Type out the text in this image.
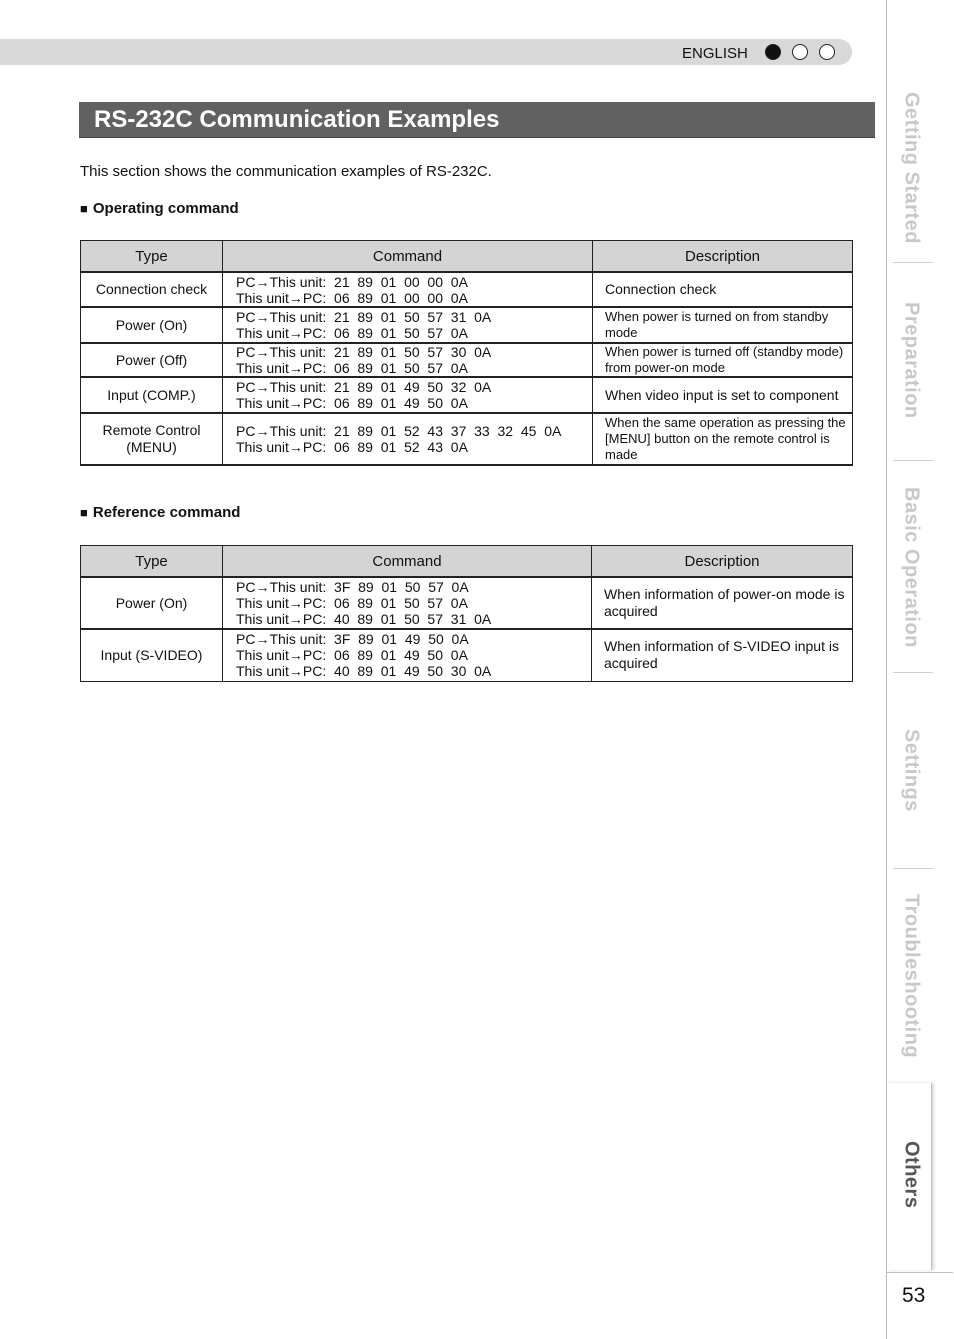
ENGLISH
RS-232C Communication Examples
This section shows the communication examples of RS-232C.
■ Operating command
Type	Command	Description

Connection check	PC→This unit:  21  89  01  00  00  0A
This unit→PC:  06  89  01  00  00  0A	Connection check

Power (On)	PC→This unit:  21  89  01  50  57  31  0A
This unit→PC:  06  89  01  50  57  0A	When power is turned on from standby mode

Power (Off)	PC→This unit:  21  89  01  50  57  30  0A
This unit→PC:  06  89  01  50  57  0A	When power is turned off (standby mode) from power-on mode

Input (COMP.)	PC→This unit:  21  89  01  49  50  32  0A
This unit→PC:  06  89  01  49  50  0A	When video input is set to component

Remote Control
(MENU)	PC→This unit:  21  89  01  52  43  37  33  32  45  0A
This unit→PC:  06  89  01  52  43  0A	When the same operation as pressing the [MENU] button on the remote control is made
■ Reference command
Type	Command	Description

Power (On)	PC→This unit:  3F  89  01  50  57  0A
This unit→PC:  06  89  01  50  57  0A
This unit→PC:  40  89  01  50  57  31  0A	When information of power-on mode is acquired

Input (S-VIDEO)	PC→This unit:  3F  89  01  49  50  0A
This unit→PC:  06  89  01  49  50  0A
This unit→PC:  40  89  01  49  50  30  0A	When information of S-VIDEO input is acquired
Getting Started
Preparation
Basic Operation
Settings
Troubleshooting
Others
53
